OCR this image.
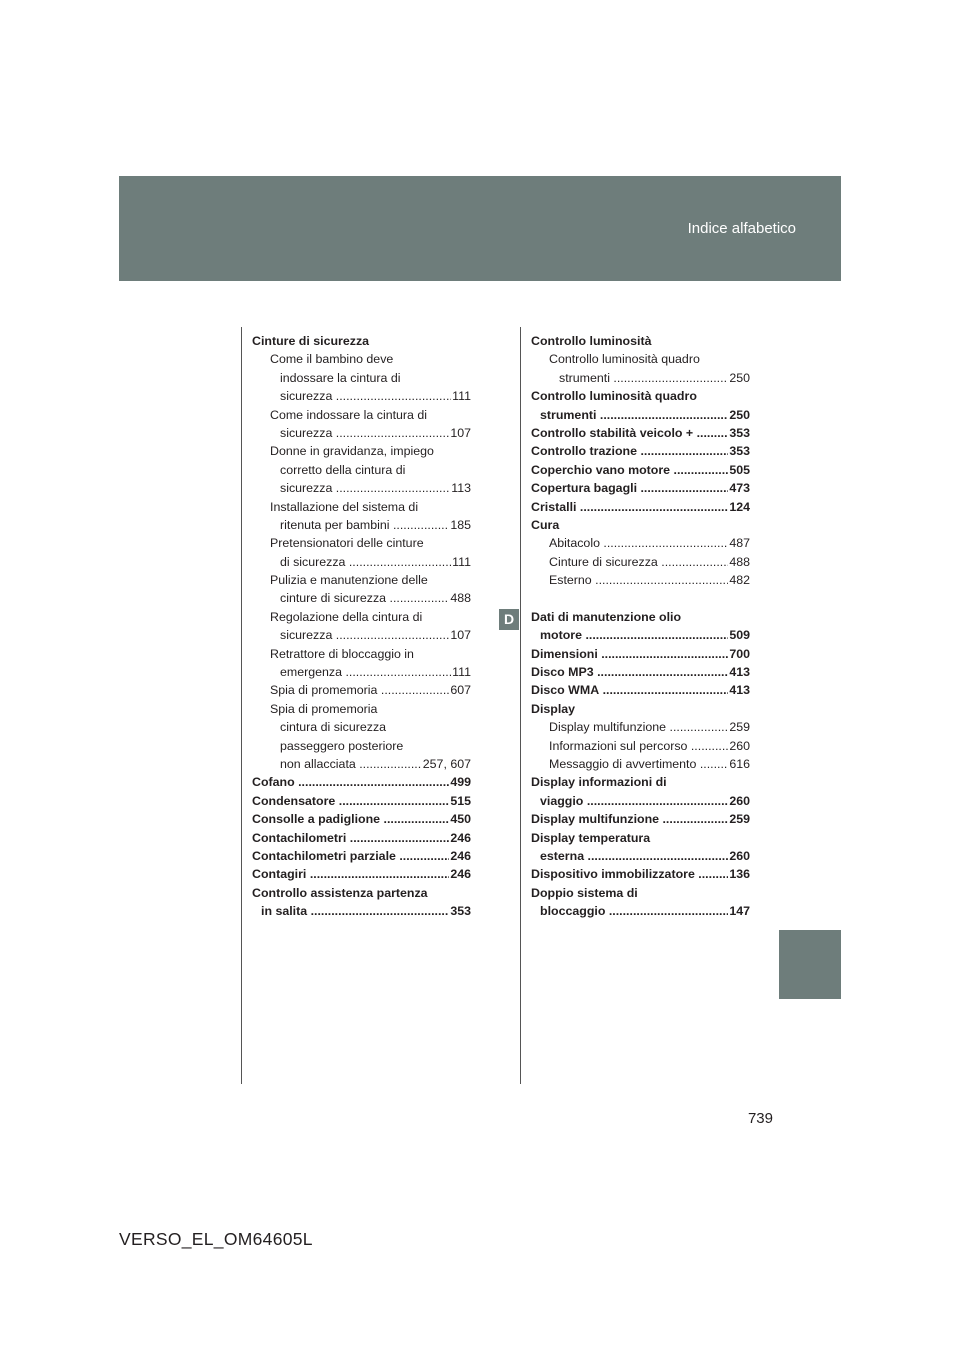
Indice alfabetico
D
Cinture di sicurezza
Come il bambino deve
indossare la cintura di
sicurezza	111
.....
Come indossare la cintura di
sicurezza	107
.....
Donne in gravidanza, impiego
corretto della cintura di
sicurezza	113
.....
Installazione del sistema di
ritenuta per bambini	185
.....
Pretensionatori delle cinture
di sicurezza	111
.....
Pulizia e manutenzione delle
cinture di sicurezza	488
.....
Regolazione della cintura di
sicurezza	107
.....
Retrattore di bloccaggio in
emergenza	111
.....
Spia di promemoria	607
.....
Spia di promemoria
cintura di sicurezza
passeggero posteriore
non allacciata	257, 607
.....
Cofano	499
.....
Condensatore	515
.....
Consolle a padiglione	450
.....
Contachilometri	246
.....
Contachilometri parziale	246
.....
Contagiri	246
.....
Controllo assistenza partenza
in salita	353
.....
Controllo luminosità
Controllo luminosità quadro
strumenti	250
.....
Controllo luminosità quadro
strumenti	250
.....
Controllo stabilità veicolo +	353
.....
Controllo trazione	353
.....
Coperchio vano motore	505
.....
Copertura bagagli	473
.....
Cristalli	124
.....
Cura
Abitacolo	487
.....
Cinture di sicurezza	488
.....
Esterno	482
.....
Dati di manutenzione olio
motore	509
.....
Dimensioni	700
.....
Disco MP3	413
.....
Disco WMA	413
.....
Display
Display multifunzione	259
.....
Informazioni sul percorso	260
.....
Messaggio di avvertimento	616
.....
Display informazioni di
viaggio	260
.....
Display multifunzione	259
.....
Display temperatura
esterna	260
.....
Dispositivo immobilizzatore	136
.....
Doppio sistema di
bloccaggio	147
.....
739
VERSO_EL_OM64605L
